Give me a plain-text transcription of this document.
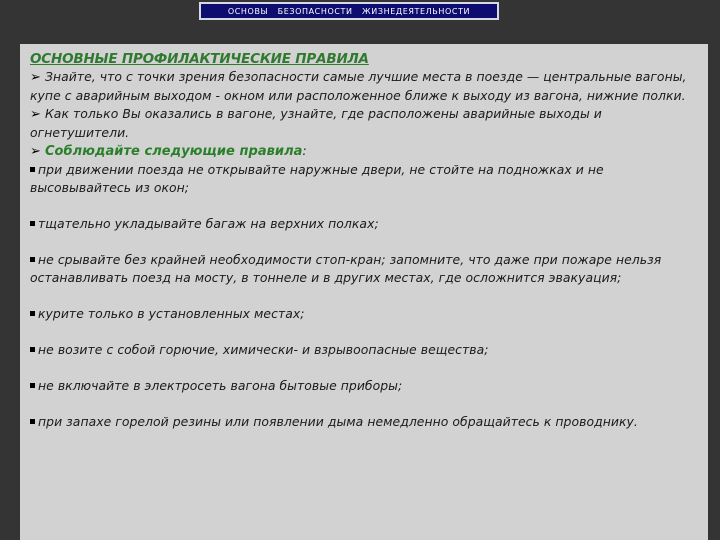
ОСНОВЫ   БЕЗОПАСНОСТИ   ЖИЗНЕДЕЯТЕЛЬНОСТИ
ОСНОВНЫЕ ПРОФИЛАКТИЧЕСКИЕ ПРАВИЛА
➢ Знайте, что с точки зрения безопасности самые лучшие места в поезде — центральные вагоны, купе с аварийным выходом - окном или расположенное ближе к выходу из вагона, нижние полки.
➢ Как только Вы оказались в вагоне, узнайте, где расположены аварийные выходы и огнетушители.
➢ Соблюдайте следующие правила:
при движении поезда не открывайте наружные двери, не стойте на подножках и не высовывайтесь из окон;
тщательно укладывайте багаж на верхних полках;
не срывайте без крайней необходимости стоп-кран; запомните, что даже при пожаре нельзя останавливать поезд на мосту, в тоннеле и в других местах, где осложнится эвакуация;
курите только в установленных местах;
не возите с собой горючие, химически- и взрывоопасные вещества;
не включайте в электросеть вагона бытовые приборы;
при запахе горелой резины или появлении дыма немедленно обращайтесь к проводнику.
